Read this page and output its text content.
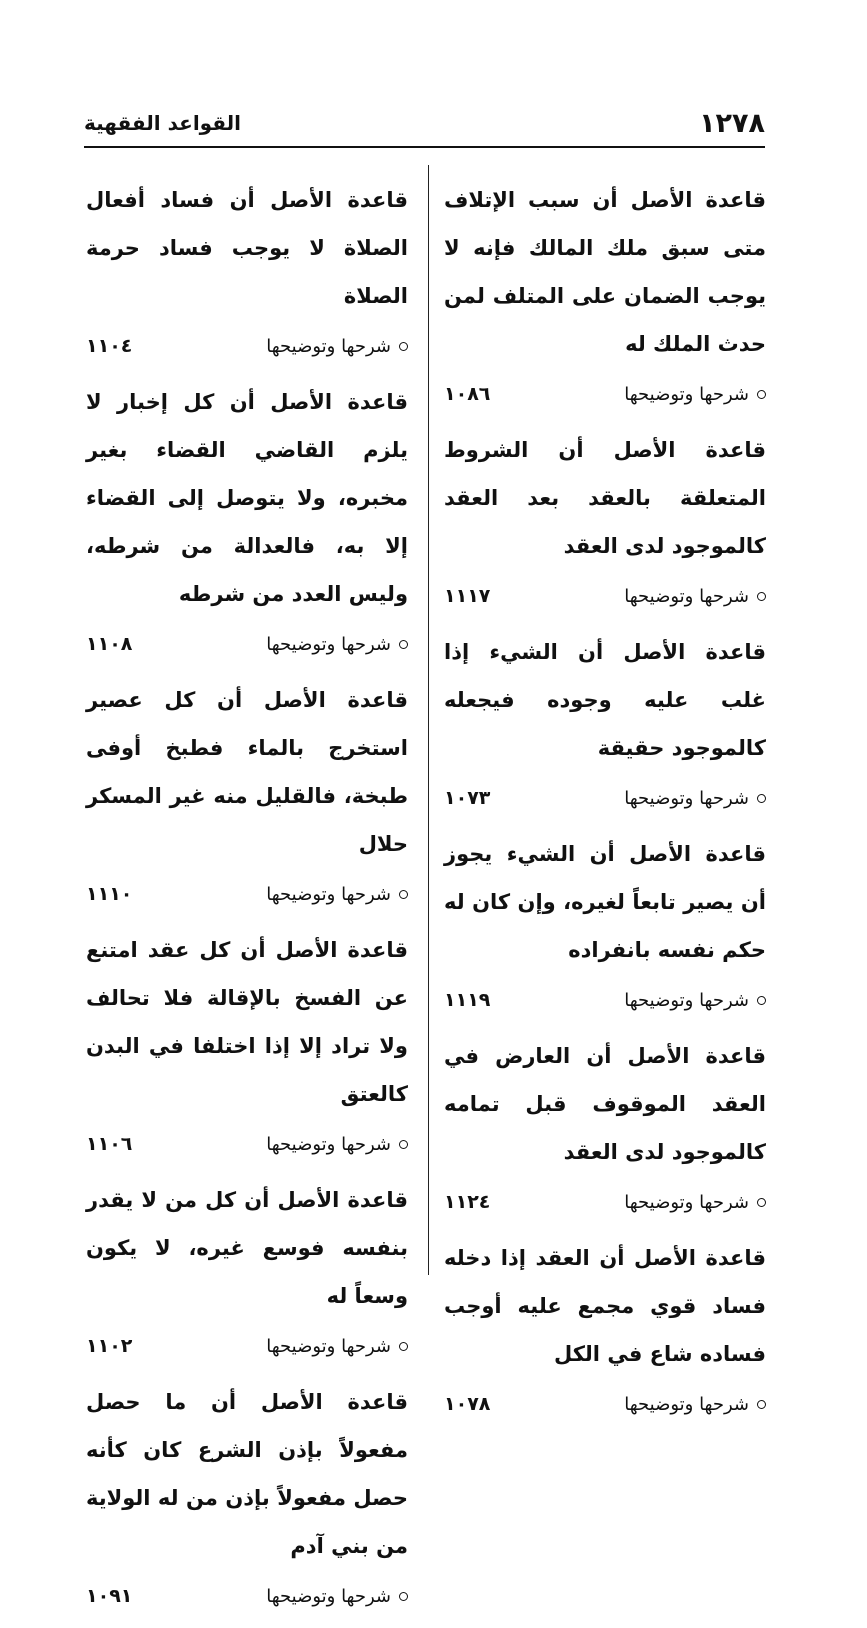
١٢٧٨
القواعد الفقهية

قاعدة الأصل أن سبب الإتلاف متى سبق ملك المالك فإنه لا يوجب الضمان على المتلف لمن حدث الملك له

شرحها وتوضيحها
١٠٨٦

قاعدة الأصل أن الشروط المتعلقة بالعقد بعد العقد كالموجود لدى العقد

شرحها وتوضيحها
١١١٧

قاعدة الأصل أن الشيء إذا غلب عليه وجوده فيجعله كالموجود حقيقة

شرحها وتوضيحها
١٠٧٣

قاعدة الأصل أن الشيء يجوز أن يصير تابعاً لغيره، وإن كان له حكم نفسه بانفراده

شرحها وتوضيحها
١١١٩

قاعدة الأصل أن العارض في العقد الموقوف قبل تمامه كالموجود لدى العقد

شرحها وتوضيحها
١١٢٤

قاعدة الأصل أن العقد إذا دخله فساد قوي مجمع عليه أوجب فساده شاع في الكل

شرحها وتوضيحها
١٠٧٨

قاعدة الأصل أن فساد أفعال الصلاة لا يوجب فساد حرمة الصلاة

شرحها وتوضيحها
١١٠٤

قاعدة الأصل أن كل إخبار لا يلزم القاضي القضاء بغير مخبره، ولا يتوصل إلى القضاء إلا به، فالعدالة من شرطه، وليس العدد من شرطه

شرحها وتوضيحها
١١٠٨

قاعدة الأصل أن كل عصير استخرج بالماء فطبخ أوفى طبخة، فالقليل منه غير المسكر حلال

شرحها وتوضيحها
١١١٠

قاعدة الأصل أن كل عقد امتنع عن الفسخ بالإقالة فلا تحالف ولا تراد إلا إذا اختلفا في البدن كالعتق

شرحها وتوضيحها
١١٠٦

قاعدة الأصل أن كل من لا يقدر بنفسه فوسع غيره، لا يكون وسعاً له

شرحها وتوضيحها
١١٠٢

قاعدة الأصل أن ما حصل مفعولاً بإذن الشرع كان كأنه حصل مفعولاً بإذن من له الولاية من بني آدم

شرحها وتوضيحها
١٠٩١
